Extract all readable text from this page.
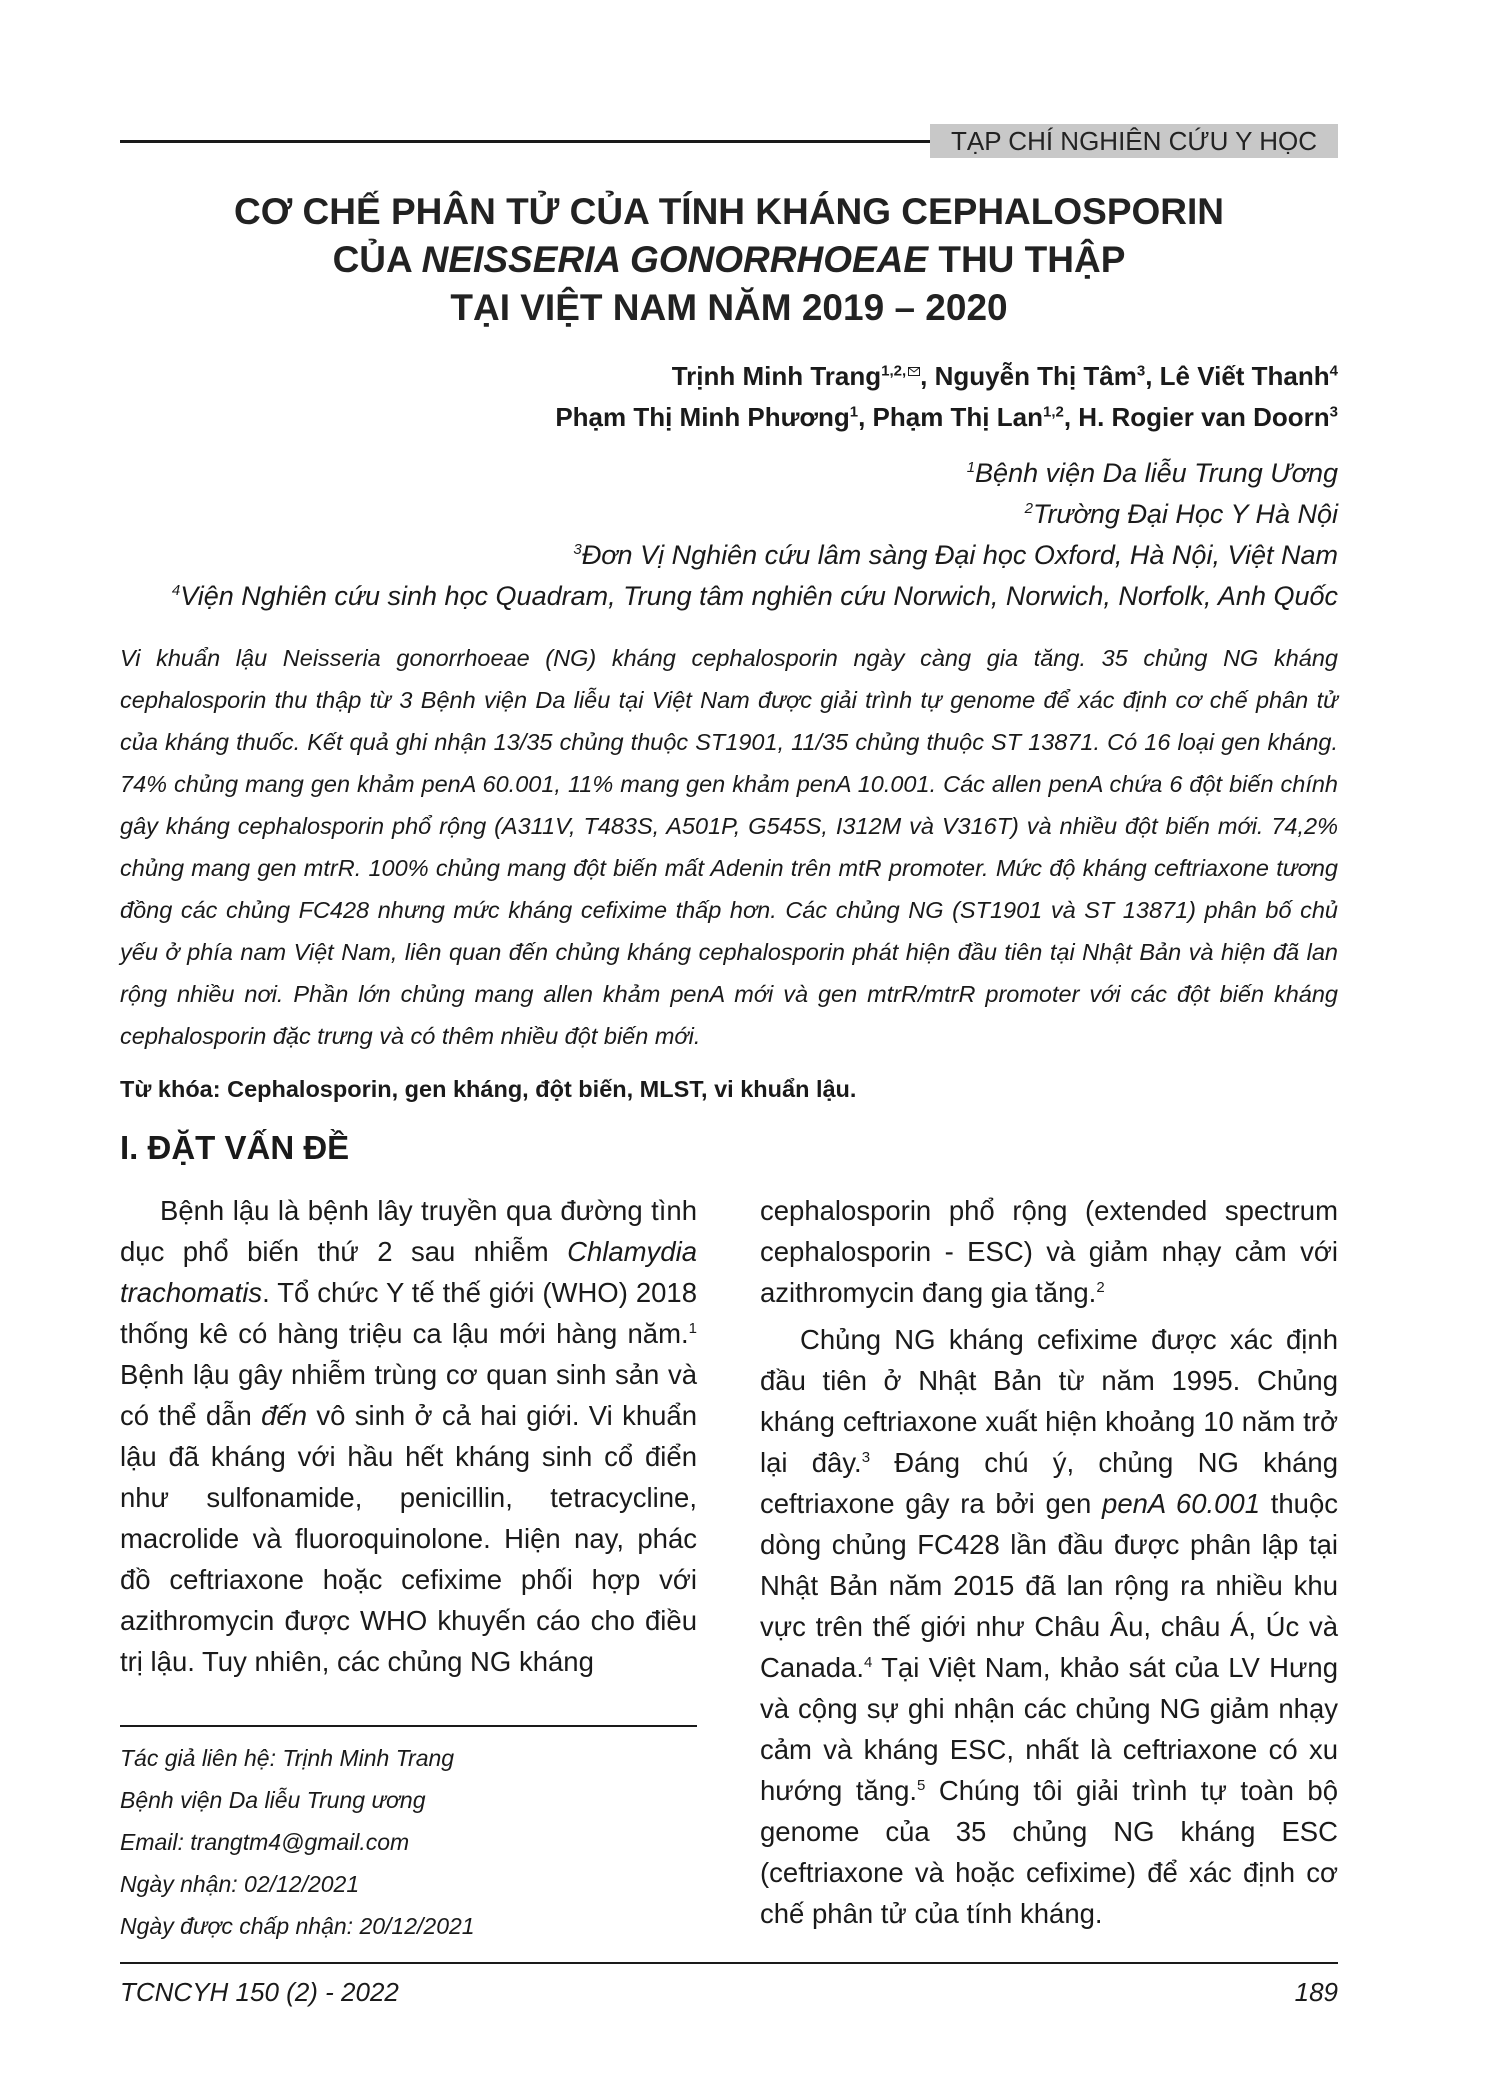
TẠP CHÍ NGHIÊN CỨU Y HỌC
CƠ CHẾ PHÂN TỬ CỦA TÍNH KHÁNG CEPHALOSPORIN
CỦA NEISSERIA GONORRHOEAE THU THẬP
TẠI VIỆT NAM NĂM 2019 – 2020
Trịnh Minh Trang$^{1,2,}$ , Nguyễn Thị Tâm$^3$, Lê Viết Thanh$^4$
Phạm Thị Minh Phương$^1$, Phạm Thị Lan$^{1,2}$, H. Rogier van Doorn$^3$
$^1$Bệnh viện Da liễu Trung Ương
$^2$Trường Đại Học Y Hà Nội
$^3$Đơn Vị Nghiên cứu lâm sàng Đại học Oxford, Hà Nội, Việt Nam
$^4$Viện Nghiên cứu sinh học Quadram, Trung tâm nghiên cứu Norwich, Norwich, Norfolk, Anh Quốc
Vi khuẩn lậu Neisseria gonorrhoeae (NG) kháng cephalosporin ngày càng gia tăng. 35 chủng NG kháng cephalosporin thu thập từ 3 Bệnh viện Da liễu tại Việt Nam được giải trình tự genome để xác định cơ chế phân tử của kháng thuốc. Kết quả ghi nhận 13/35 chủng thuộc ST1901, 11/35 chủng thuộc ST 13871. Có 16 loại gen kháng. 74% chủng mang gen khảm penA 60.001, 11% mang gen khảm penA 10.001. Các allen penA chứa 6 đột biến chính gây kháng cephalosporin phổ rộng (A311V, T483S, A501P, G545S, I312M và V316T) và nhiều đột biến mới. 74,2% chủng mang gen mtrR. 100% chủng mang đột biến mất Adenin trên mtR promoter. Mức độ kháng ceftriaxone tương đồng các chủng FC428 nhưng mức kháng cefixime thấp hơn. Các chủng NG (ST1901 và ST 13871) phân bố chủ yếu ở phía nam Việt Nam, liên quan đến chủng kháng cephalosporin phát hiện đầu tiên tại Nhật Bản và hiện đã lan rộng nhiều nơi. Phần lớn chủng mang allen khảm penA mới và gen mtrR/mtrR promoter với các đột biến kháng cephalosporin đặc trưng và có thêm nhiều đột biến mới.
Từ khóa: Cephalosporin, gen kháng, đột biến, MLST, vi khuẩn lậu.
I. ĐẶT VẤN ĐỀ

Bệnh lậu là bệnh lây truyền qua đường tình dục phổ biến thứ 2 sau nhiễm Chlamydia trachomatis. Tổ chức Y tế thế giới (WHO) 2018 thống kê có hàng triệu ca lậu mới hàng năm.$^1$ Bệnh lậu gây nhiễm trùng cơ quan sinh sản và có thể dẫn đến vô sinh ở cả hai giới. Vi khuẩn lậu đã kháng với hầu hết kháng sinh cổ điển như sulfonamide, penicillin, tetracycline, macrolide và fluoroquinolone. Hiện nay, phác đồ ceftriaxone hoặc cefixime phối hợp với azithromycin được WHO khuyến cáo cho điều trị lậu. Tuy nhiên, các chủng NG kháng

cephalosporin phổ rộng (extended spectrum cephalosporin - ESC) và giảm nhạy cảm với azithromycin đang gia tăng.$^2$

Chủng NG kháng cefixime được xác định đầu tiên ở Nhật Bản từ năm 1995. Chủng kháng ceftriaxone xuất hiện khoảng 10 năm trở lại đây.$^3$ Đáng chú ý, chủng NG kháng ceftriaxone gây ra bởi gen penA 60.001 thuộc dòng chủng FC428 lần đầu được phân lập tại Nhật Bản năm 2015 đã lan rộng ra nhiều khu vực trên thế giới như Châu Âu, châu Á, Úc và Canada.$^4$ Tại Việt Nam, khảo sát của LV Hưng và cộng sự ghi nhận các chủng NG giảm nhạy cảm và kháng ESC, nhất là ceftriaxone có xu hướng tăng.$^5$ Chúng tôi giải trình tự toàn bộ genome của 35 chủng NG kháng ESC (ceftriaxone và hoặc cefixime) để xác định cơ chế phân tử của tính kháng.

Tác giả liên hệ: Trịnh Minh Trang
Bệnh viện Da liễu Trung ương
Email: trangtm4@gmail.com
Ngày nhận: 02/12/2021
Ngày được chấp nhận: 20/12/2021
TCNCYH 150 (2) - 2022	189
